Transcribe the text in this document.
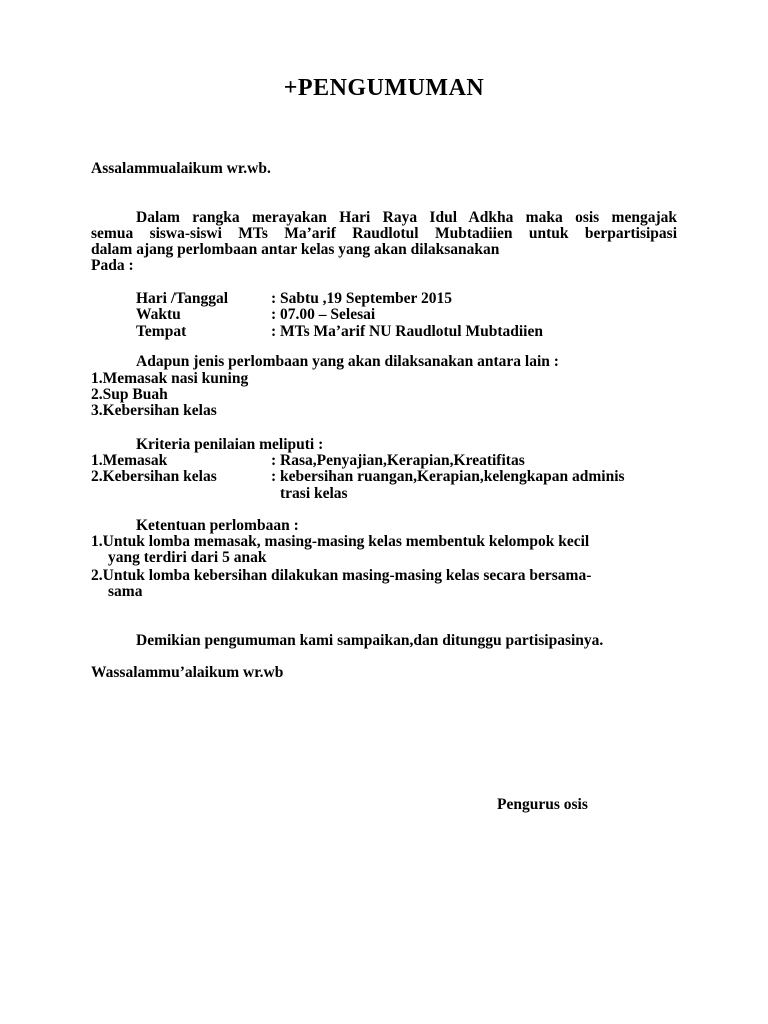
+PENGUMUMAN
Assalammualaikum wr.wb.
Dalam rangka merayakan Hari Raya Idul Adkha maka osis mengajak
semua siswa-siswi MTs Ma’arif Raudlotul Mubtadiien untuk berpartisipasi
dalam ajang perlombaan antar kelas yang akan dilaksanakan
Pada :
Hari /Tanggal	: Sabtu ,19 September 2015
Waktu	: 07.00 – Selesai
Tempat	: MTs Ma’arif NU Raudlotul Mubtadiien
Adapun jenis perlombaan yang akan dilaksanakan antara lain :
1.Memasak nasi kuning
2.Sup Buah
3.Kebersihan kelas
Kriteria penilaian meliputi :
1.Memasak	: Rasa,Penyajian,Kerapian,Kreatifitas
2.Kebersihan kelas	: kebersihan ruangan,Kerapian,kelengkapan adminis
trasi kelas
Ketentuan perlombaan :
1.Untuk lomba memasak, masing-masing kelas membentuk kelompok kecil
yang terdiri dari 5 anak
2.Untuk lomba kebersihan dilakukan masing-masing kelas secara bersama-
sama
Demikian pengumuman kami sampaikan,dan ditunggu partisipasinya.
Wassalammu’alaikum wr.wb
Pengurus osis
